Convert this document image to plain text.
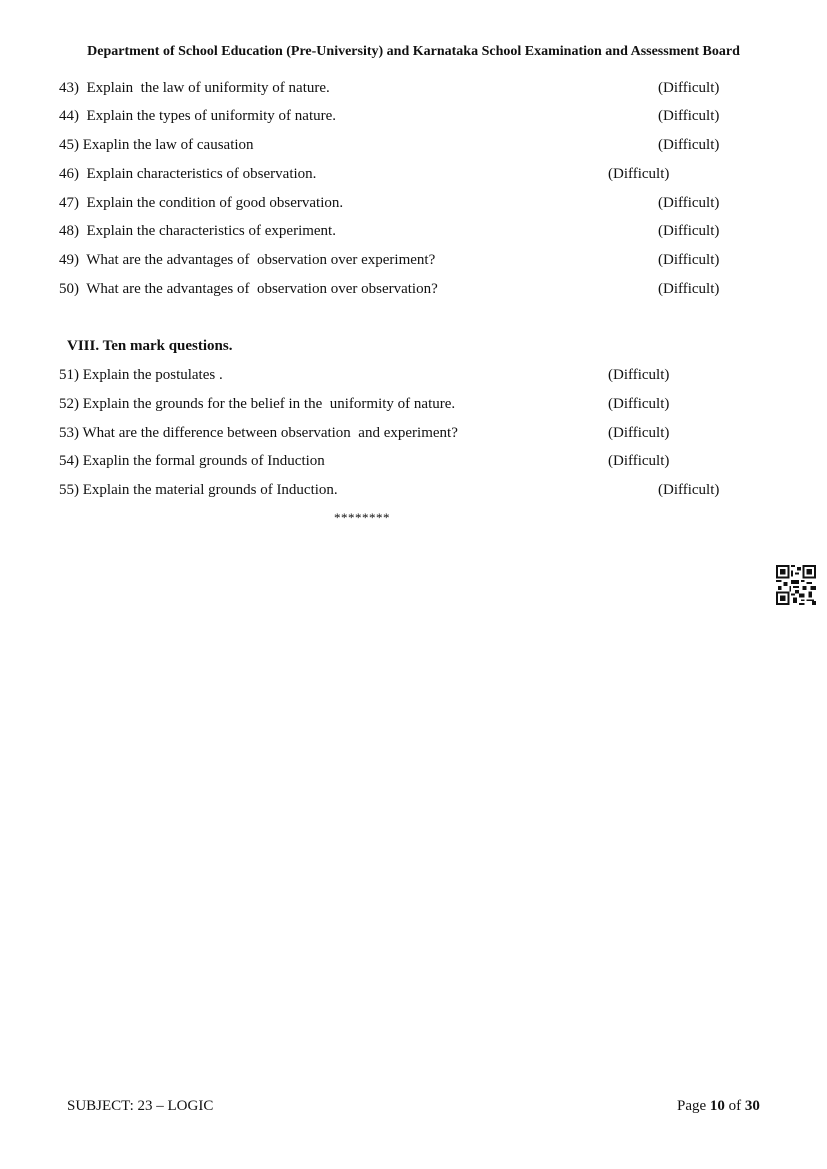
Department of School Education (Pre-University) and Karnataka School Examination and Assessment Board
43)  Explain  the law of uniformity of nature.	(Difficult)
44)  Explain the types of uniformity of nature.	(Difficult)
45) Exaplin the law of causation	(Difficult)
46)  Explain characteristics of observation.	(Difficult)
47)  Explain the condition of good observation.	(Difficult)
48)  Explain the characteristics of experiment.	(Difficult)
49)  What are the advantages of  observation over experiment?	(Difficult)
50)  What are the advantages of  observation over observation?	(Difficult)
VIII. Ten mark questions.
51) Explain the postulates .	(Difficult)
52) Explain the grounds for the belief in the  uniformity of nature.	(Difficult)
53) What are the difference between observation  and experiment?	(Difficult)
54) Exaplin the formal grounds of Induction	(Difficult)
55) Explain the material grounds of Induction.	(Difficult)
********
SUBJECT: 23 – LOGIC	Page 10 of 30
